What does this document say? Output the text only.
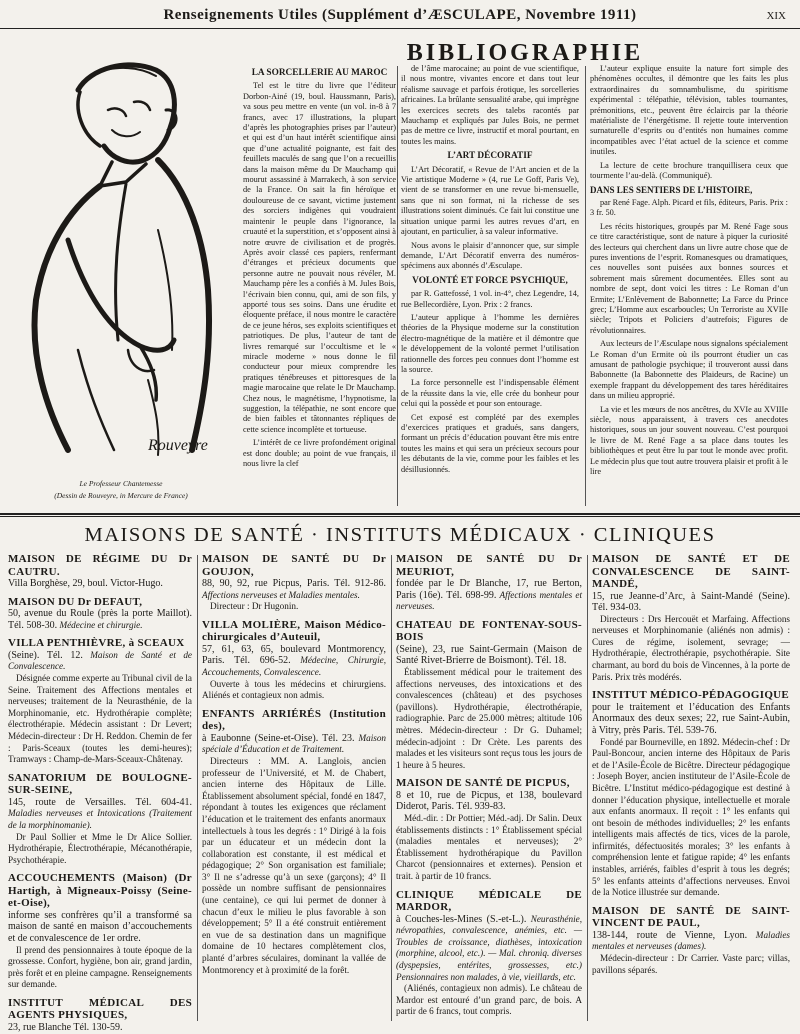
Renseignements Utiles (Supplément d’ÆSCULAPE, Novembre 1911)	XIX
BIBLIOGRAPHIE
Rouveyre
Le Professeur Chantemesse
(Dessin de Rouveyre, in Mercure de France)
LA SORCELLERIE AU MAROC

Tel est le titre du livre que l’éditeur Dorbon-Ainé (19, boul. Haussmann, Paris), va sous peu mettre en vente (un vol. in-8 à 7 francs, avec 17 illustrations, la plupart d’après les photographies prises par l’auteur) et qui est d’un haut intérêt scientifique ainsi que d’une actualité poignante, est fait des feuillets maculés de sang que l’on a recueillis dans la maison même du Dr Mauchamp qui mourut assassiné à Marrakech, à son service de la France. On sait la fin héroïque et douloureuse de ce savant, victime justement des sorciers indigènes qui voudraient maintenir le peuple dans l’ignorance, la cruauté et la superstition, et s’opposent ainsi à notre œuvre de civilisation et de progrès. Après avoir classé ces papiers, renfermant d’étranges et précieux documents que personne autre ne pouvait nous révéler, M. Mauchamp père les a confiés à M. Jules Bois, l’écrivain bien connu, qui, ami de son fils, y apporté tous ses soins. Dans une érudite et éloquente préface, il nous montre le caractère de ce jeune héros, ses exploits scientifiques et patriotiques. De plus, l’auteur de tant de livres remarqué sur l’occultisme et le « miracle moderne » nous donne le fil conducteur pour mieux comprendre les pratiques ténébreuses et pittoresques de la magie marocaine que relate le Dr Mauchamp. Chez nous, le magnétisme, l’hypnotisme, la suggestion, la télépathie, ne sont encore que de bien faibles et tâtonnantes répliques de cette science incomplète et tortueuse.

L’intérêt de ce livre profondément original est donc double; au point de vue français, il nous livre la clef

de l’âme marocaine; au point de vue scientifique, il nous montre, vivantes encore et dans tout leur réalisme sauvage et parfois érotique, les sorcelleries africaines. La brûlante sensualité arabe, qui imprègne les exercices secrets des talebs racontés par Mauchamp et expliqués par Jules Bois, ne permet pas de mettre ce livre, instructif et moral pourtant, en toutes les mains.

L’ART DÉCORATIF

L’Art Décoratif, « Revue de l’Art ancien et de la Vie artistique Moderne » (4, rue Le Goff, Paris Ve), vient de se transformer en une revue bi-mensuelle, sans que ni son format, ni la richesse de ses illustrations soient diminués. Ce fait lui constitue une situation unique parmi les autres revues d’art, en ajoutant, en particulier, à sa valeur informative.

Nous avons le plaisir d’annoncer que, sur simple demande, L’Art Décoratif enverra des numéros-spécimens aux abonnés d’Æsculape.

VOLONTÉ ET FORCE PSYCHIQUE,

par R. Gattefossé, 1 vol. in-4°, chez Legendre, 14, rue Bellecordière, Lyon. Prix : 2 francs.

L’auteur applique à l’homme les dernières théories de la Physique moderne sur la constitution électro-magnétique de la matière et il démontre que le développement de la volonté permet l’utilisation rationnelle des forces peu connues dont l’homme est la source.

La force personnelle est l’indispensable élément de la réussite dans la vie, elle crée du bonheur pour celui qui la possède et pour son entourage.

Cet exposé est complété par des exemples d’exercices pratiques et gradués, sans dangers, formant un précis d’éducation pouvant être mis entre toutes les mains et qui sera un précieux secours pour les débutants de la vie, comme pour les faibles et les désillusionnés.

L’auteur explique ensuite la nature fort simple des phénomènes occultes, il démontre que les faits les plus extraordinaires du somnambulisme, du spiritisme expérimental : télépathie, télévision, tables tournantes, prémonitions, etc., peuvent être éclaircis par la théorie matérialiste de l’énergétisme. Il rejette toute intervention surnaturelle d’esprits ou d’entités non humaines comme incompatibles avec l’état actuel de la science et comme inutiles.

La lecture de cette brochure tranquillisera ceux que tourmente l’au-delà. (Communiqué).

DANS LES SENTIERS DE L’HISTOIRE,

par René Fage. Alph. Picard et fils, éditeurs, Paris. Prix : 3 fr. 50.

Les récits historiques, groupés par M. René Fage sous ce titre caractéristique, sont de nature à piquer la curiosité des lecteurs qui cherchent dans un livre autre chose que de pures inventions de l’esprit. Romanesques ou dramatiques, ces nouvelles sont puisées aux bonnes sources et sobrement mais sûrement documentées. Elles sont au nombre de sept, dont voici les titres : Le Roman d’un Ermite; L’Enlèvement de Babonnette; La Farce du Prince grec; L’Homme aux escarboucles; Un Terroriste au XVIIe siècle; Tripots et Policiers d’autrefois; Figures de révolutionnaires.

Aux lecteurs de l’Æsculape nous signalons spécialement Le Roman d’un Ermite où ils pourront étudier un cas amusant de pathologie psychique; il trouveront aussi dans Babonnette (la Babonnette des Plaideurs, de Racine) un exemple frappant du développement des tares héréditaires dans un milieu approprié.

La vie et les mœurs de nos ancêtres, du XVIe au XVIIIe siècle, nous apparaissent, à travers ces anecdotes historiques, sous un jour souvent nouveau. C’est pourquoi le livre de M. René Fage a sa place dans toutes les bibliothèques et peut être lu par tout le monde avec profit. Le médecin plus que tout autre trouvera plaisir et profit à le lire

MAISONS DE SANTÉ · INSTITUTS MÉDICAUX · CLINIQUES
MAISON DE RÉGIME DU Dr CAUTRU.
Villa Borghèse, 29, boul. Victor-Hugo.
MAISON DU Dr DEFAUT,
50, avenue du Roule (près la porte Maillot). Tél. 508-30. Médecine et chirurgie.
VILLA PENTHIÈVRE, à SCEAUX
(Seine). Tél. 12. Maison de Santé et de Convalescence.
Désignée comme experte au Tribunal civil de la Seine. Traitement des Affections mentales et nerveuses; traitement de la Neurasthénie, de la Morphinomanie, etc. Hydrothérapie complète; électrothérapie. Médecin assistant : Dr Levert; Médecin-directeur : Dr H. Reddon. Chemin de fer : Paris-Sceaux (toutes les demi-heures); Tramways : Champ-de-Mars-Sceaux-Châtenay.
SANATORIUM DE BOULOGNE-SUR-SEINE,
145, route de Versailles. Tél. 604-41. Maladies nerveuses et Intoxications (Traitement de la morphinomanie).
Dr Paul Sollier et Mme le Dr Alice Sollier. Hydrothérapie, Électrothérapie, Mécanothérapie, Psychothérapie.
ACCOUCHEMENTS (Maison) (Dr Hartigh, à Migneaux-Poissy (Seine-et-Oise),
informe ses confrères qu’il a transformé sa maison de santé en maison d’accouchements et de convalescence de 1er ordre.
Il prend des pensionnaires à toute époque de la grossesse. Confort, hygiène, bon air, grand jardin, près forêt et en pleine campagne. Renseignements sur demande.
INSTITUT MÉDICAL DES AGENTS PHYSIQUES,
23, rue Blanche Tél. 130-59.
MAISON DE SANTÉ DU Dr GOUJON,
88, 90, 92, rue Picpus, Paris. Tél. 912-86. Affections nerveuses et Maladies mentales.
Directeur : Dr Hugonin.
VILLA MOLIÈRE, Maison Médico-chirurgicales d’Auteuil,
57, 61, 63, 65, boulevard Montmorency, Paris. Tél. 696-52. Médecine, Chirurgie, Accouchements, Convalescence.
Ouverte à tous les médecins et chirurgiens. Aliénés et contagieux non admis.
ENFANTS ARRIÉRÉS (Institution des),
à Eaubonne (Seine-et-Oise). Tél. 23. Maison spéciale d’Éducation et de Traitement.
Directeurs : MM. A. Langlois, ancien professeur de l’Université, et M. de Chabert, ancien interne des Hôpitaux de Lille. Établissement absolument spécial, fondé en 1847, répondant à toutes les exigences que réclament l’éducation et le traitement des enfants anormaux intellectuels à tous les degrés : 1° Dirigé à la fois par un éducateur et un médecin dont la collaboration est constante, il est médical et pédagogique; 2° Son organisation est familiale; 3° Il ne s’adresse qu’à un sexe (garçons); 4° Il possède un nombre suffisant de pensionnaires (une centaine), ce qui lui permet de donner à chacun d’eux le milieu le plus favorable à son développement; 5° Il a été construit entièrement en vue de sa destination dans un magnifique domaine de 10 hectares complètement clos, planté d’arbres séculaires, dominant la vallée de Montmorency et à proximité de la forêt.
MAISON DE SANTÉ DU Dr MEURIOT,
fondée par le Dr Blanche, 17, rue Berton, Paris (16e). Tél. 698-99. Affections mentales et nerveuses.
CHATEAU DE FONTENAY-SOUS-BOIS
(Seine), 23, rue Saint-Germain (Maison de Santé Rivet-Brierre de Boismont). Tél. 18.
Établissement médical pour le traitement des affections nerveuses, des intoxications et des convalescences (château) et des psychoses (pavillons). Hydrothérapie, électrothérapie, radiographie. Parc de 25.000 mètres; altitude 106 mètres. Médecin-directeur : Dr G. Duhamel; médecin-adjoint : Dr Crète. Les parents des malades et les visiteurs sont reçus tous les jours de 1 heure à 5 heures.
MAISON DE SANTÉ DE PICPUS,
8 et 10, rue de Picpus, et 138, boulevard Diderot, Paris. Tél. 939-83.
Méd.-dir. : Dr Pottier; Méd.-adj. Dr Salin. Deux établissements distincts : 1° Établissement spécial (maladies mentales et nerveuses); 2° Établissement hydrothérapique du Pavillon Charcot (pensionnaires et externes). Pension et trait. à partir de 10 francs.
CLINIQUE MÉDICALE DE MARDOR,
à Couches-les-Mines (S.-et-L.). Neurasthénie, névropathies, convalescence, anémies, etc. — Troubles de croissance, diathèses, intoxication (morphine, alcool, etc.). — Mal. chroniq. diverses (dyspepsies, entérites, grossesses, etc.) Pensionnaires non malades, à vie, vieillards, etc.
(Aliénés, contagieux non admis). Le château de Mardor est entouré d’un grand parc, de bois. A partir de 6 francs, tout compris.
MAISON DE SANTÉ ET DE CONVALESCENCE DE SAINT-MANDÉ,
15, rue Jeanne-d’Arc, à Saint-Mandé (Seine). Tél. 934-03.
Directeurs : Drs Hercouët et Marfaing. Affections nerveuses et Morphinomanie (aliénés non admis) : Cures de régime, isolement, sevrage; — Hydrothérapie, électrothérapie, psychothérapie. Site charmant, au bord du bois de Vincennes, à la porte de Paris. Prix très modérés.
INSTITUT MÉDICO-PÉDAGOGIQUE
pour le traitement et l’éducation des Enfants Anormaux des deux sexes; 22, rue Saint-Aubin, à Vitry, près Paris. Tél. 539-76.
Fondé par Bourneville, en 1892. Médecin-chef : Dr Paul-Boncour, ancien interne des Hôpitaux de Paris et de l’Asile-École de Bicêtre. Directeur pédagogique : Joseph Boyer, ancien instituteur de l’Asile-École de Bicêtre. L’Institut médico-pédagogique est destiné à donner l’éducation physique, intellectuelle et morale aux enfants anormaux. Il reçoit : 1° les enfants qui ont besoin de méthodes individuelles; 2° les enfants intelligents mais affectés de tics, vices de la parole, infirmités, défectuosités morales; 3° les enfants à compréhension lente et fatigue rapide; 4° les enfants instables, arriérés, faibles d’esprit à tous les degrés; 5° les enfants atteints d’affections nerveuses. Envoi de la Notice illustrée sur demande.
MAISON DE SANTÉ DE SAINT-VINCENT DE PAUL,
138-144, route de Vienne, Lyon. Maladies mentales et nerveuses (dames).
Médecin-directeur : Dr Carrier. Vaste parc; villas, pavillons séparés.
